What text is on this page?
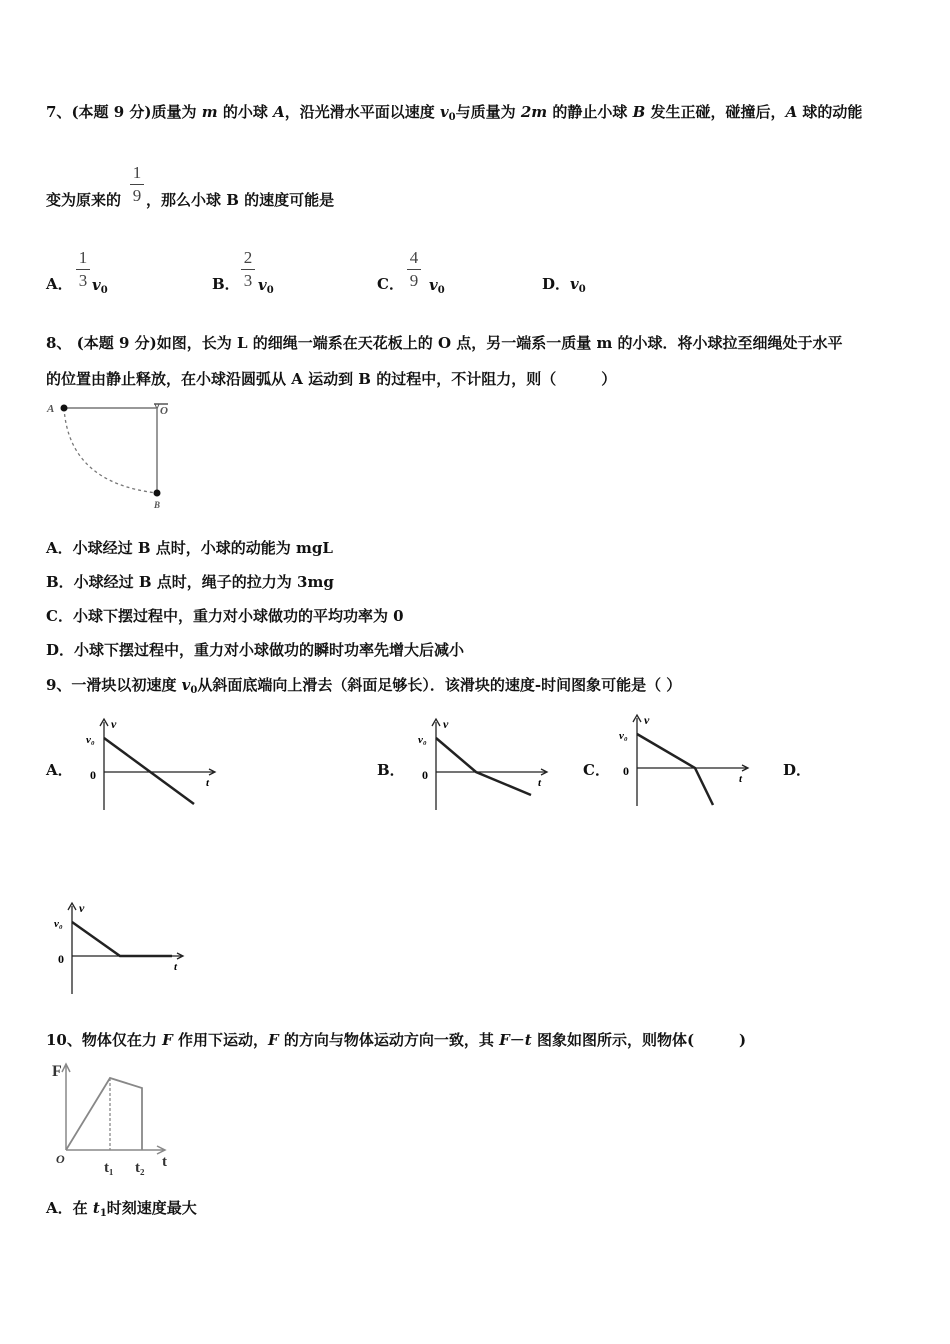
7、(本题 9 分)质量为 m 的小球 A，沿光滑水平面以速度 $v_0$与质量为 2m 的静止小球 B 发生正碰，碰撞后，A 球的动能
1
9
变为原来的 ，那么小球 B 的速度可能是
A．
1
3 $v_0$	B．
2
3 $v_0$	C．
4
9 $v_0$	D．$v_0$
8、 (本题 9 分)如图，长为 L 的细绳一端系在天花板上的 O 点，另一端系一质量 m 的小球．将小球拉至细绳处于水平
的位置由静止释放，在小球沿圆弧从 A 运动到 B 的过程中，不计阻力，则（　　　）
A	O
B
A．小球经过 B 点时，小球的动能为 mgL
B．小球经过 B 点时，绳子的拉力为 3mg
C．小球下摆过程中，重力对小球做功的平均功率为 0
D．小球下摆过程中，重力对小球做功的瞬时功率先增大后减小
9、一滑块以初速度 $v_0$从斜面底端向上滑去（斜面足够长）．该滑块的速度-时间图象可能是（ ）
A．	B．	C．	D．
v
v₀
0
t
v
v₀
0
t
v
v₀
0
t
v
v₀
0
t
10、物体仅在力 F 作用下运动，F 的方向与物体运动方向一致，其 F－t 图象如图所示，则物体(　　　)
F
O
t₁ t₂ t
A．在 $t_1$时刻速度最大
